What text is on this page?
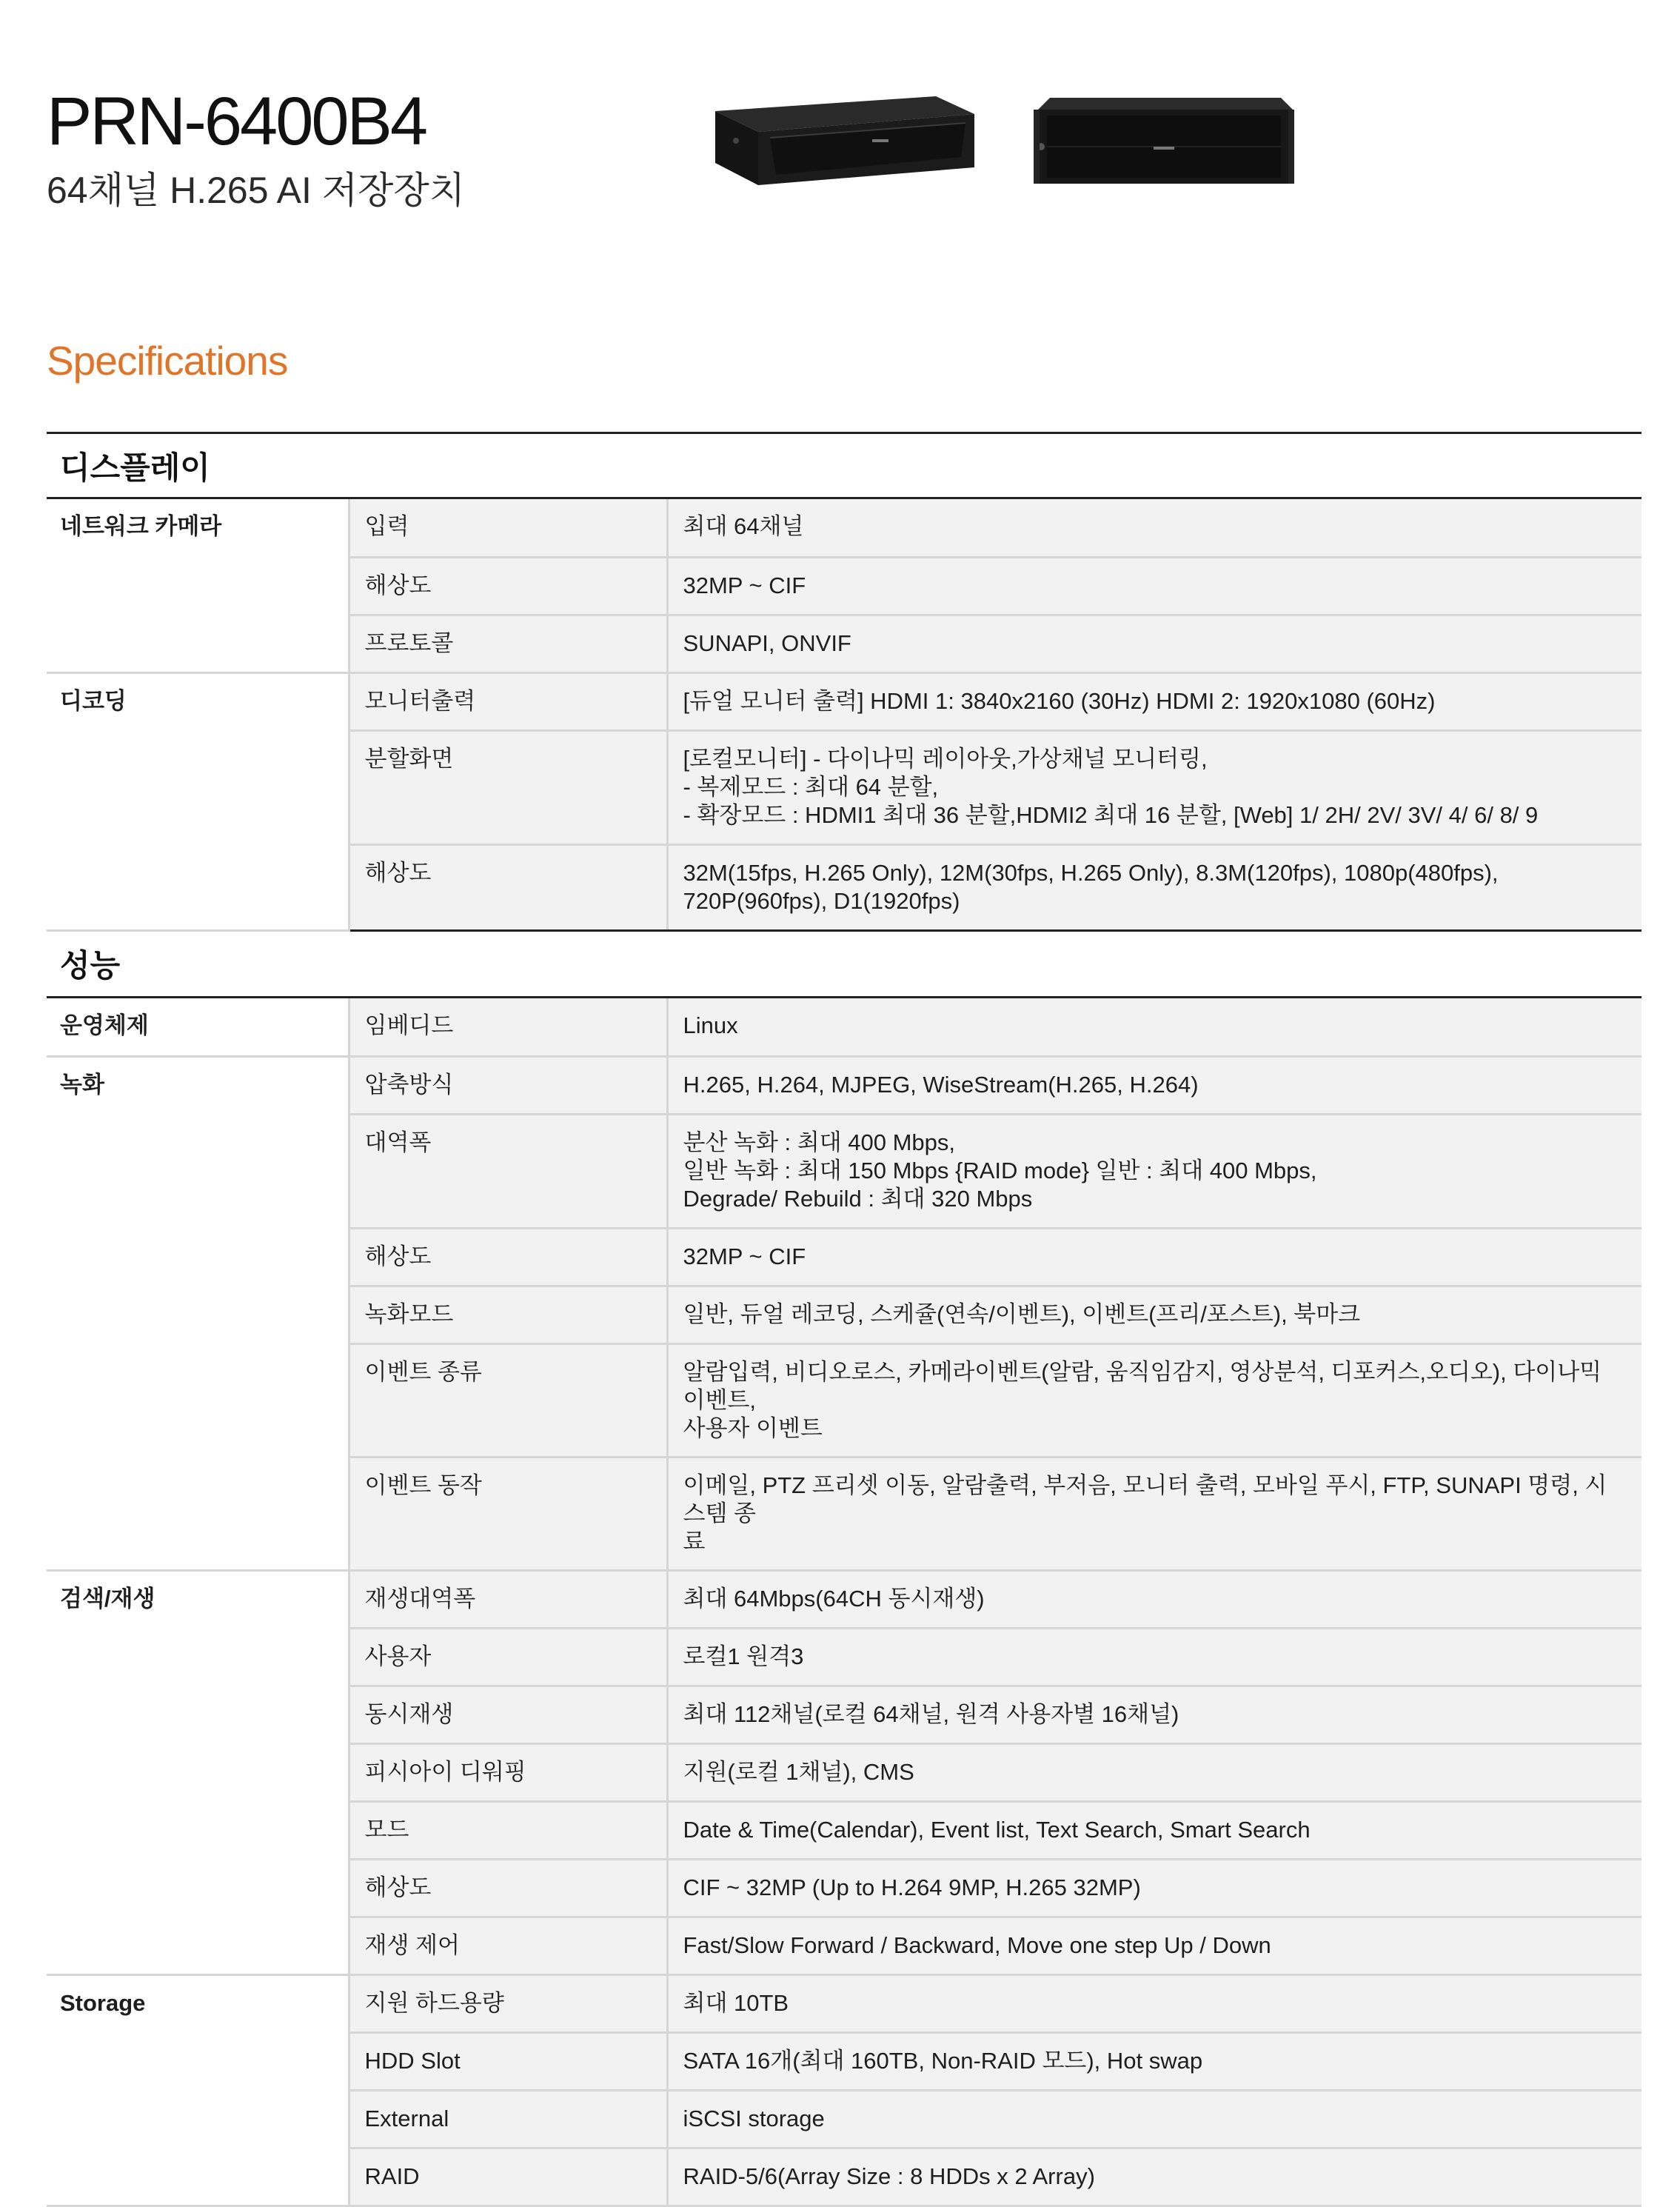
PRN-6400B4
64채널 H.265 AI 저장장치
Specifications
디스플레이
네트워크 카메라	입력	최대 64채널
	해상도	32MP ~ CIF
	프로토콜	SUNAPI, ONVIF
디코딩	모니터출력	[듀얼 모니터 출력] HDMI 1: 3840x2160 (30Hz) HDMI 2: 1920x1080 (60Hz)
	분할화면	[로컬모니터] - 다이나믹 레이아웃,가상채널 모니터링,
- 복제모드 : 최대 64 분할,
- 확장모드 : HDMI1 최대 36 분할,HDMI2 최대 16 분할, [Web] 1/ 2H/ 2V/ 3V/ 4/ 6/ 8/ 9
	해상도	32M(15fps, H.265 Only), 12M(30fps, H.265 Only), 8.3M(120fps), 1080p(480fps),
720P(960fps), D1(1920fps)
성능
운영체제	임베디드	Linux
녹화	압축방식	H.265, H.264, MJPEG, WiseStream(H.265, H.264)
	대역폭	분산 녹화 : 최대 400 Mbps,
일반 녹화 : 최대 150 Mbps {RAID mode} 일반 : 최대 400 Mbps,
Degrade/ Rebuild : 최대 320 Mbps
	해상도	32MP ~ CIF
	녹화모드	일반, 듀얼 레코딩, 스케쥴(연속/이벤트), 이벤트(프리/포스트), 북마크
	이벤트 종류	알람입력, 비디오로스, 카메라이벤트(알람, 움직임감지, 영상분석, 디포커스,오디오), 다이나믹 이벤트,
사용자 이벤트
	이벤트 동작	이메일, PTZ 프리셋 이동, 알람출력, 부저음, 모니터 출력, 모바일 푸시, FTP, SUNAPI 명령, 시스템 종
료
검색/재생	재생대역폭	최대 64Mbps(64CH 동시재생)
	사용자	로컬1 원격3
	동시재생	최대 112채널(로컬 64채널, 원격 사용자별 16채널)
	피시아이 디워핑	지원(로컬 1채널), CMS
	모드	Date & Time(Calendar), Event list, Text Search, Smart Search
	해상도	CIF ~ 32MP (Up to H.264 9MP, H.265 32MP)
	재생 제어	Fast/Slow Forward / Backward, Move one step Up / Down
Storage	지원 하드용량	최대 10TB
	HDD Slot	SATA 16개(최대 160TB, Non-RAID 모드), Hot swap
	External	iSCSI storage
	RAID	RAID-5/6(Array Size : 8 HDDs x 2 Array)
